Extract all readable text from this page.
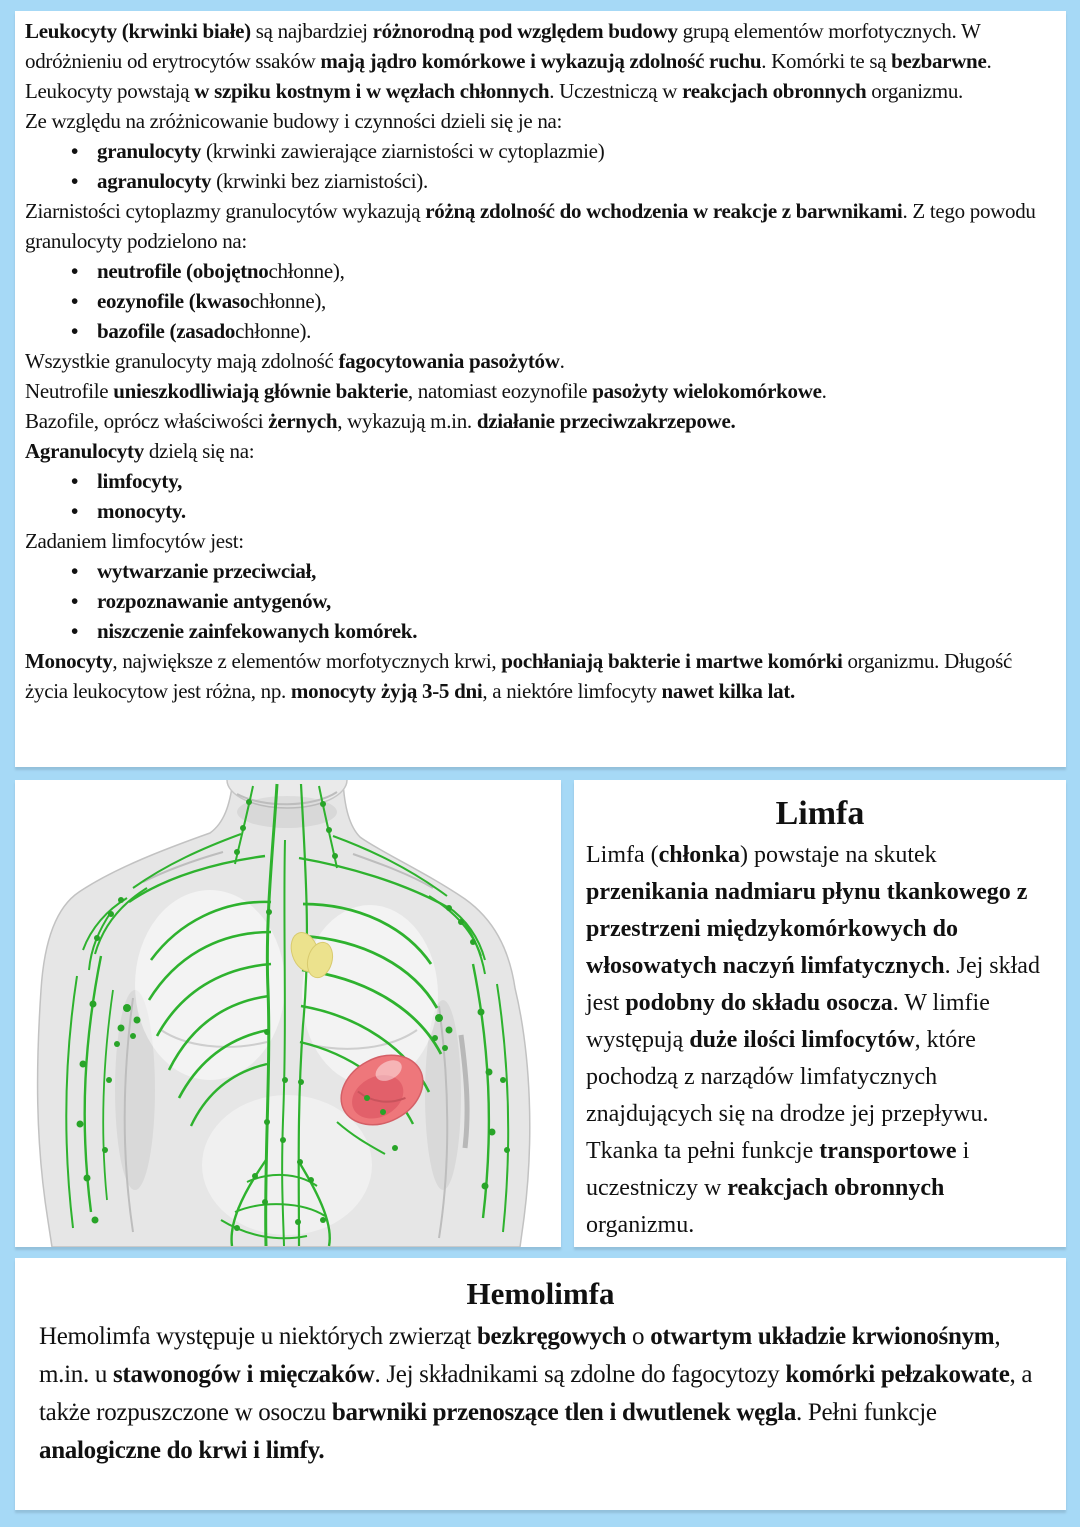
Leukocyty (krwinki białe) są najbardziej różnorodną pod względem budowy grupą elementów morfotycznych. W odróżnieniu od erytrocytów ssaków mają jądro komórkowe i wykazują zdolność ruchu. Komórki te są bezbarwne. Leukocyty powstają w szpiku kostnym i w węzłach chłonnych. Uczestniczą w reakcjach obronnych organizmu.
Ze względu na zróżnicowanie budowy i czynności dzieli się je na:
• granulocyty (krwinki zawierające ziarnistości w cytoplazmie)
• agranulocyty (krwinki bez ziarnistości).
Ziarnistości cytoplazmy granulocytów wykazują różną zdolność do wchodzenia w reakcje z barwnikami. Z tego powodu granulocyty podzielono na:
• neutrofile (obojętnochłonne),
• eozynofile (kwasochłonne),
• bazofile (zasadochłonne).
Wszystkie granulocyty mają zdolność fagocytowania pasożytów.
Neutrofile unieszkodliwiają głównie bakterie, natomiast eozynofile pasożyty wielokomórkowe.
Bazofile, oprócz właściwości żernych, wykazują m.in. działanie przeciwzakrzepowe.
Agranulocyty dzielą się na:
• limfocyty,
• monocyty.
Zadaniem limfocytów jest:
• wytwarzanie przeciwciał,
• rozpoznawanie antygenów,
• niszczenie zainfekowanych komórek.
Monocyty, największe z elementów morfotycznych krwi, pochłaniają bakterie i martwe komórki organizmu. Długość życia leukocytow jest różna, np. monocyty żyją 3-5 dni, a niektóre limfocyty nawet kilka lat.
Limfa

Limfa (chłonka) powstaje na skutek przenikania nadmiaru płynu tkankowego z przestrzeni międzykomórkowych do włosowatych naczyń limfatycznych. Jej skład jest podobny do składu osocza. W limfie występują duże ilości limfocytów, które pochodzą z narządów limfatycznych znajdujących się na drodze jej przepływu. Tkanka ta pełni funkcje transportowe i uczestniczy w reakcjach obronnych organizmu.

Hemolimfa

Hemolimfa występuje u niektórych zwierząt bezkręgowych o otwartym układzie krwionośnym, m.in. u stawonogów i mięczaków. Jej składnikami są zdolne do fagocytozy komórki pełzakowate, a także rozpuszczone w osoczu barwniki przenoszące tlen i dwutlenek węgla. Pełni funkcje analogiczne do krwi i limfy.
